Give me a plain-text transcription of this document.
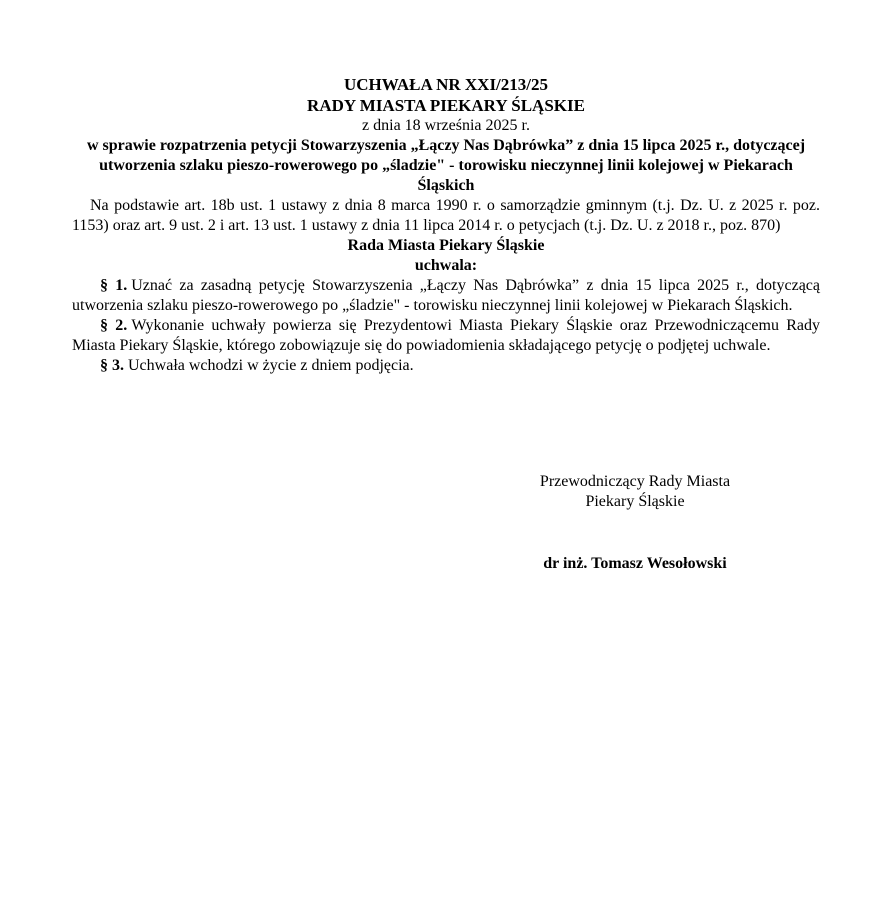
UCHWAŁA NR XXI/213/25
RADY MIASTA PIEKARY ŚLĄSKIE

z dnia 18 września 2025 r.

w sprawie rozpatrzenia petycji Stowarzyszenia „Łączy Nas Dąbrówka” z dnia 15 lipca 2025 r., dotyczącej utworzenia szlaku pieszo-rowerowego po „śladzie" - torowisku nieczynnej linii kolejowej w Piekarach Śląskich

Na podstawie art. 18b ust. 1 ustawy z dnia 8 marca 1990 r. o samorządzie gminnym (t.j. Dz. U. z 2025 r. poz. 1153) oraz art. 9 ust. 2 i art. 13 ust. 1 ustawy z dnia 11 lipca 2014 r. o petycjach (t.j. Dz. U. z 2018 r., poz. 870)

Rada Miasta Piekary Śląskie
uchwala:

§ 1. Uznać za zasadną petycję Stowarzyszenia „Łączy Nas Dąbrówka” z dnia 15 lipca 2025 r., dotyczącą utworzenia szlaku pieszo-rowerowego po „śladzie" - torowisku nieczynnej linii kolejowej w Piekarach Śląskich.

§ 2. Wykonanie uchwały powierza się Prezydentowi Miasta Piekary Śląskie oraz Przewodniczącemu Rady Miasta Piekary Śląskie, którego zobowiązuje się do powiadomienia składającego petycję o podjętej uchwale.

§ 3. Uchwała wchodzi w życie z dniem podjęcia.

Przewodniczący Rady Miasta
Piekary Śląskie

dr inż. Tomasz Wesołowski
